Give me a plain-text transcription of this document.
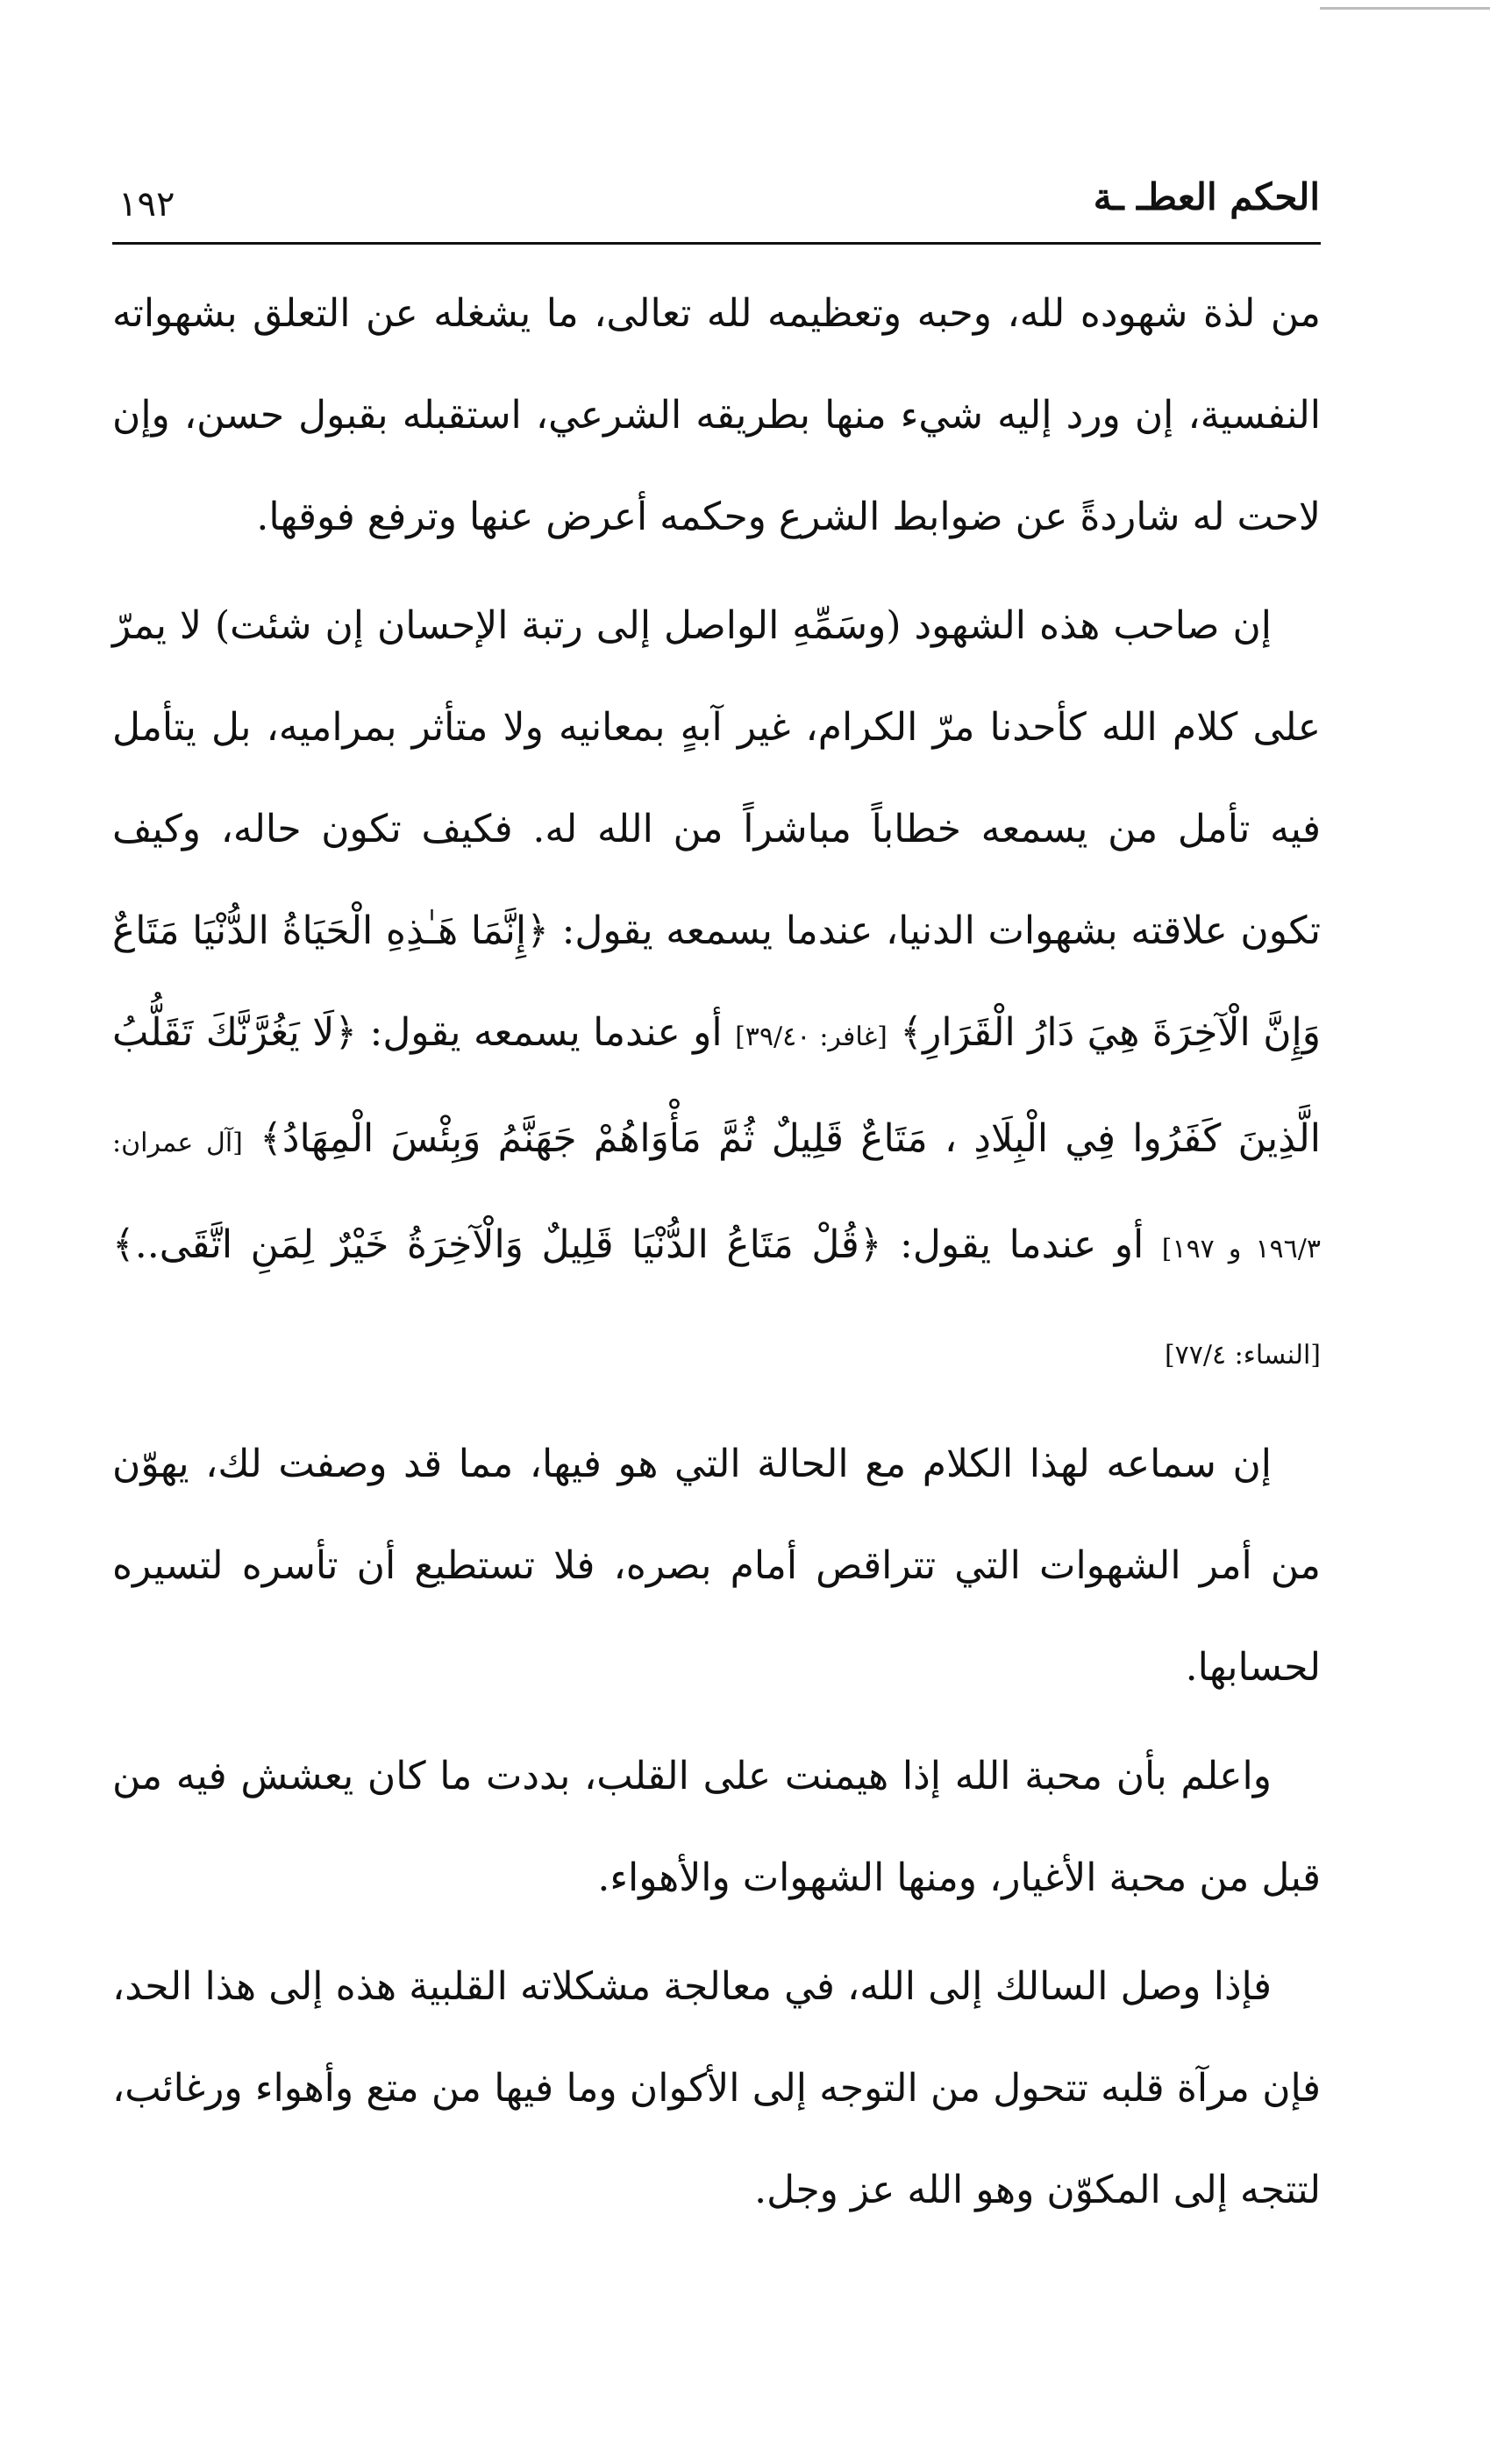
١٩٢	الحكم العطـ ـة

من لذة شهوده لله، وحبه وتعظيمه لله تعالى، ما يشغله عن التعلق بشهواته النفسية، إن ورد إليه شيء منها بطريقه الشرعي، استقبله بقبول حسن، وإن لاحت له شاردةً عن ضوابط الشرع وحكمه أعرض عنها وترفع فوقها.

إن صاحب هذه الشهود (وسَمِّهِ الواصل إلى رتبة الإحسان إن شئت) لا يمرّ على كلام الله كأحدنا مرّ الكرام، غير آبهٍ بمعانيه ولا متأثر بمراميه، بل يتأمل فيه تأمل من يسمعه خطاباً مباشراً من الله له. فكيف تكون حاله، وكيف تكون علاقته بشهوات الدنيا، عندما يسمعه يقول: ﴿إِنَّمَا هَـٰذِهِ الْحَيَاةُ الدُّنْيَا مَتَاعٌ وَإِنَّ الْآخِرَةَ هِيَ دَارُ الْقَرَارِ﴾ [غافر: ٣٩/٤٠] أو عندما يسمعه يقول: ﴿لَا يَغُرَّنَّكَ تَقَلُّبُ الَّذِينَ كَفَرُوا فِي الْبِلَادِ ، مَتَاعٌ قَلِيلٌ ثُمَّ مَأْوَاهُمْ جَهَنَّمُ وَبِئْسَ الْمِهَادُ﴾ [آل عمران: ١٩٦/٣ و ١٩٧] أو عندما يقول: ﴿قُلْ مَتَاعُ الدُّنْيَا قَلِيلٌ وَالْآخِرَةُ خَيْرٌ لِمَنِ اتَّقَى..﴾ [النساء: ٧٧/٤]

إن سماعه لهذا الكلام مع الحالة التي هو فيها، مما قد وصفت لك، يهوّن من أمر الشهوات التي تتراقص أمام بصره، فلا تستطيع أن تأسره لتسيره لحسابها.

واعلم بأن محبة الله إذا هيمنت على القلب، بددت ما كان يعشش فيه من قبل من محبة الأغيار، ومنها الشهوات والأهواء.

فإذا وصل السالك إلى الله، في معالجة مشكلاته القلبية هذه إلى هذا الحد، فإن مرآة قلبه تتحول من التوجه إلى الأكوان وما فيها من متع وأهواء ورغائب، لتتجه إلى المكوّن وهو الله عز وجل.
